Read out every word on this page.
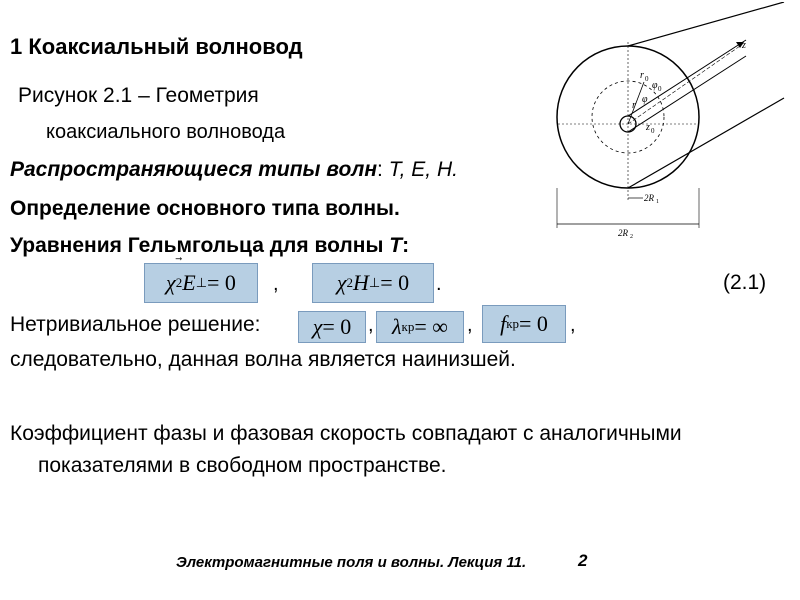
1 Коаксиальный волновод
Рисунок 2.1 – Геометрия
коаксиального волновода
Распространяющиеся типы волн: T, E, H.
Определение основного типа волны.
Уравнения Гельмгольца для волны T:
χ 2 E ⊥ = 0 ,	χ 2 H ⊥ = 0 .	(2.1)
Нетривиальное решение: χ = 0 , λ кр = ∞ , f кр = 0 ,
следовательно, данная волна является наинизшей.
Коэффициент фазы и фазовая скорость совпадают с аналогичными
показателями в свободном пространстве.
Электромагнитные поля и волны. Лекция 11.	2
z
r 0
φ 0
φ
r
z 0
2R 1
2R 2
